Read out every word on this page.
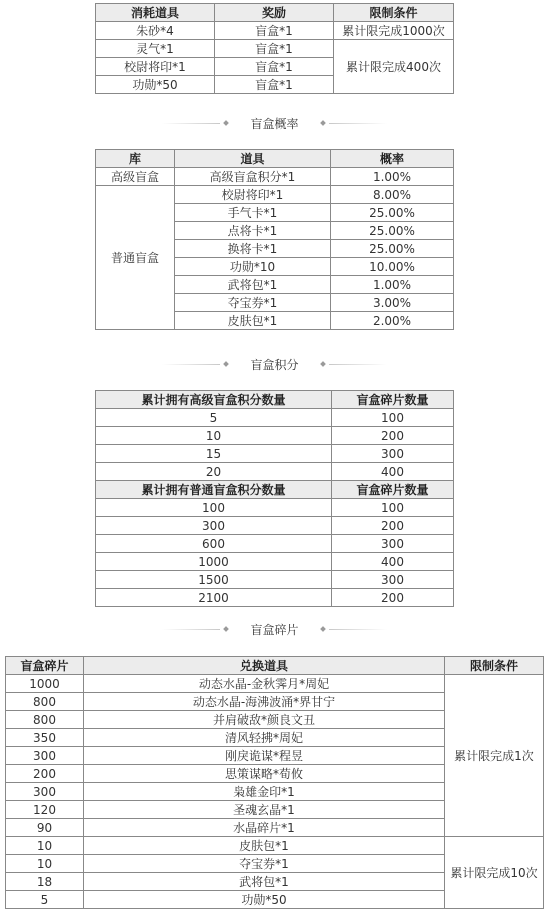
消耗道具	奖励	限制条件
朱砂*4	盲盒*1	累计限完成1000次
灵气*1	盲盒*1	累计限完成400次
校尉将印*1	盲盒*1	
功勋*50	盲盒*1	
盲盒概率
库	道具	概率
高级盲盒	高级盲盒积分*1	1.00%
普通盲盒	校尉将印*1	8.00%
	手气卡*1	25.00%
	点将卡*1	25.00%
	换将卡*1	25.00%
	功勋*10	10.00%
	武将包*1	1.00%
	夺宝券*1	3.00%
	皮肤包*1	2.00%
盲盒积分
累计拥有高级盲盒积分数量	盲盒碎片数量
5	100
10	200
15	300
20	400
累计拥有普通盲盒积分数量	盲盒碎片数量
100	100
300	200
600	300
1000	400
1500	300
2100	200
盲盒碎片
盲盒碎片	兑换道具	限制条件
1000	动态水晶-金秋霁月*周妃	累计限完成1次
800	动态水晶-海沸波涌*界甘宁	
800	并肩破敌*颜良文丑	
350	清风轻拂*周妃	
300	刚戾诡谋*程昱	
200	思策谋略*荀攸	
300	枭雄金印*1	
120	圣魂玄晶*1	
90	水晶碎片*1	
10	皮肤包*1	累计限完成10次
10	夺宝券*1	
18	武将包*1	
5	功勋*50	
